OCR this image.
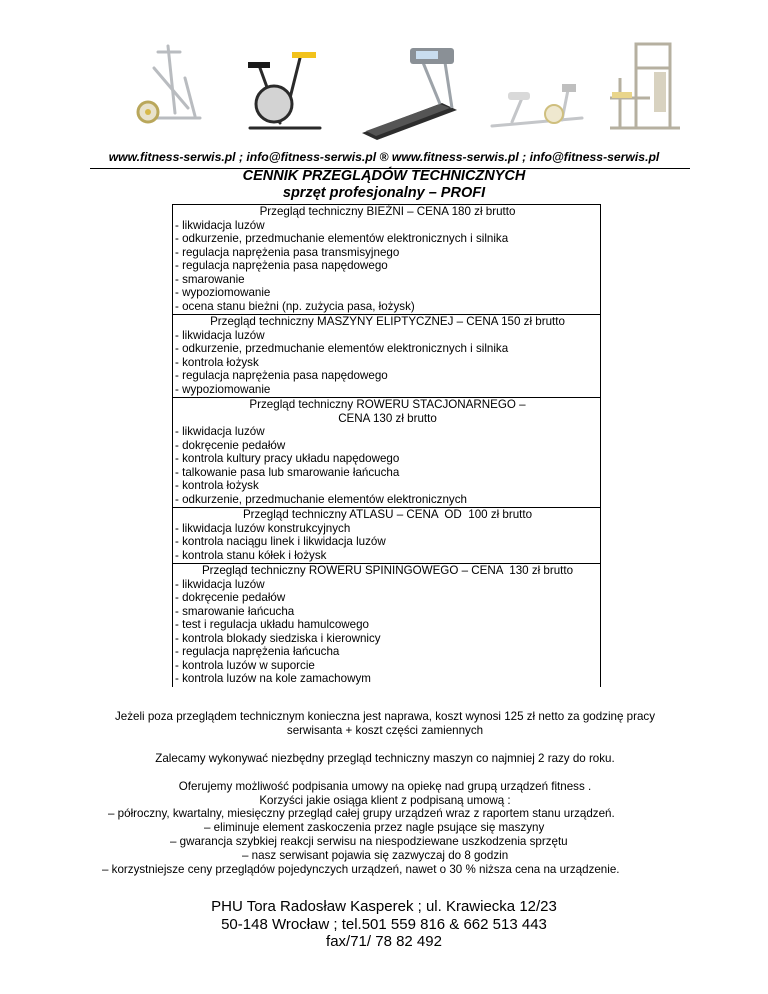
www.fitness-serwis.pl ; info@fitness-serwis.pl ® www.fitness-serwis.pl ; info@fitness-serwis.pl
CENNIK PRZEGLĄDÓW TECHNICZNYCH
sprzęt profesjonalny – PROFI
Przegląd techniczny BIEŻNI – CENA 180 zł brutto
- likwidacja luzów
- odkurzenie, przedmuchanie elementów elektronicznych i silnika
- regulacja naprężenia pasa transmisyjnego
- regulacja naprężenia pasa napędowego
- smarowanie
- wypoziomowanie
- ocena stanu bieżni (np. zużycia pasa, łożysk)
Przegląd techniczny MASZYNY ELIPTYCZNEJ – CENA 150 zł brutto
- likwidacja luzów
- odkurzenie, przedmuchanie elementów elektronicznych i silnika
- kontrola łożysk
- regulacja naprężenia pasa napędowego
- wypoziomowanie
Przegląd techniczny ROWERU STACJONARNEGO – CENA 130 zł brutto
- likwidacja luzów
- dokręcenie pedałów
- kontrola kultury pracy układu napędowego
- talkowanie pasa lub smarowanie łańcucha
- kontrola łożysk
- odkurzenie, przedmuchanie elementów elektronicznych
Przegląd techniczny ATLASU – CENA  OD  100 zł brutto
- likwidacja luzów konstrukcyjnych
- kontrola naciągu linek i likwidacja luzów
- kontrola stanu kółek i łożysk
Przegląd techniczny ROWERU SPININGOWEGO – CENA  130 zł brutto
- likwidacja luzów
- dokręcenie pedałów
- smarowanie łańcucha
- test i regulacja układu hamulcowego
- kontrola blokady siedziska i kierownicy
- regulacja naprężenia łańcucha
- kontrola luzów w suporcie
- kontrola luzów na kole zamachowym
Jeżeli poza przeglądem technicznym konieczna jest naprawa, koszt wynosi 125 zł netto za godzinę pracy
serwisanta + koszt części zamiennych
Zalecamy wykonywać niezbędny przegląd techniczny maszyn co najmniej 2 razy do roku.
Oferujemy możliwość podpisania umowy na opiekę nad grupą urządzeń fitness .
Korzyści jakie osiąga klient z podpisaną umową :
– półroczny, kwartalny, miesięczny przegląd całej grupy urządzeń wraz z raportem stanu urządzeń.
– eliminuje element zaskoczenia przez nagle psujące się maszyny
– gwarancja szybkiej reakcji serwisu na niespodziewane uszkodzenia sprzętu
– nasz serwisant pojawia się zazwyczaj do 8 godzin
– korzystniejsze ceny przeglądów pojedynczych urządzeń, nawet o 30 % niższa cena na urządzenie.
PHU Tora Radosław Kasperek ; ul. Krawiecka 12/23
50-148 Wrocław ; tel.501 559 816 & 662 513 443
fax/71/ 78 82 492
